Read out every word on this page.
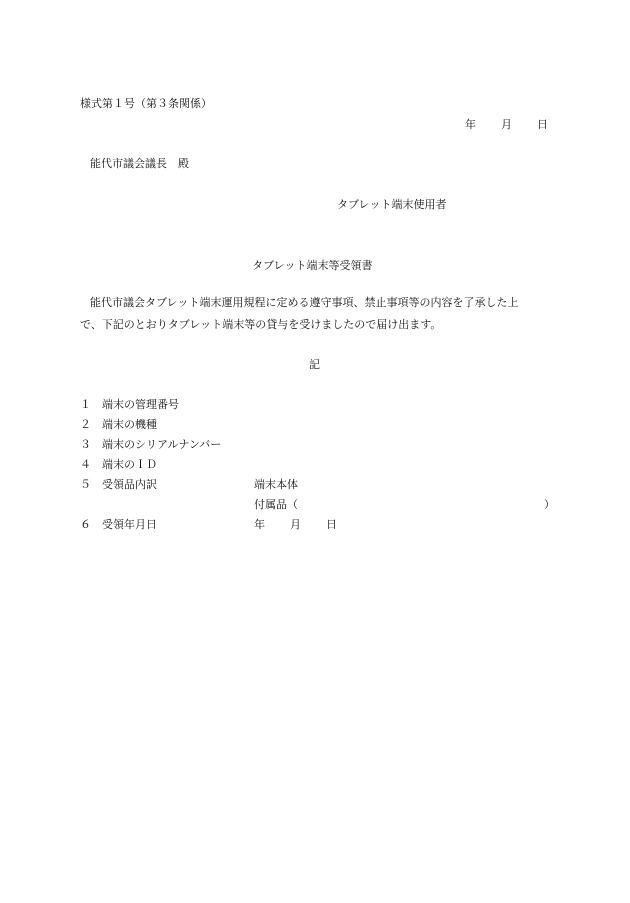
様式第１号（第３条関係）
年 月 日
能代市議会議長　殿
タブレット端末使用者
タブレット端末等受領書
能代市議会タブレット端末運用規程に定める遵守事項、禁止事項等の内容を了承した上
で、下記のとおりタブレット端末等の貸与を受けましたので届け出ます。
記
１ 端末の管理番号
２ 端末の機種
３ 端末のシリアルナンバー
４ 端末のＩＤ
５ 受領品内訳	端末本体
付属品（	）
６ 受領年月日	年 月 日
